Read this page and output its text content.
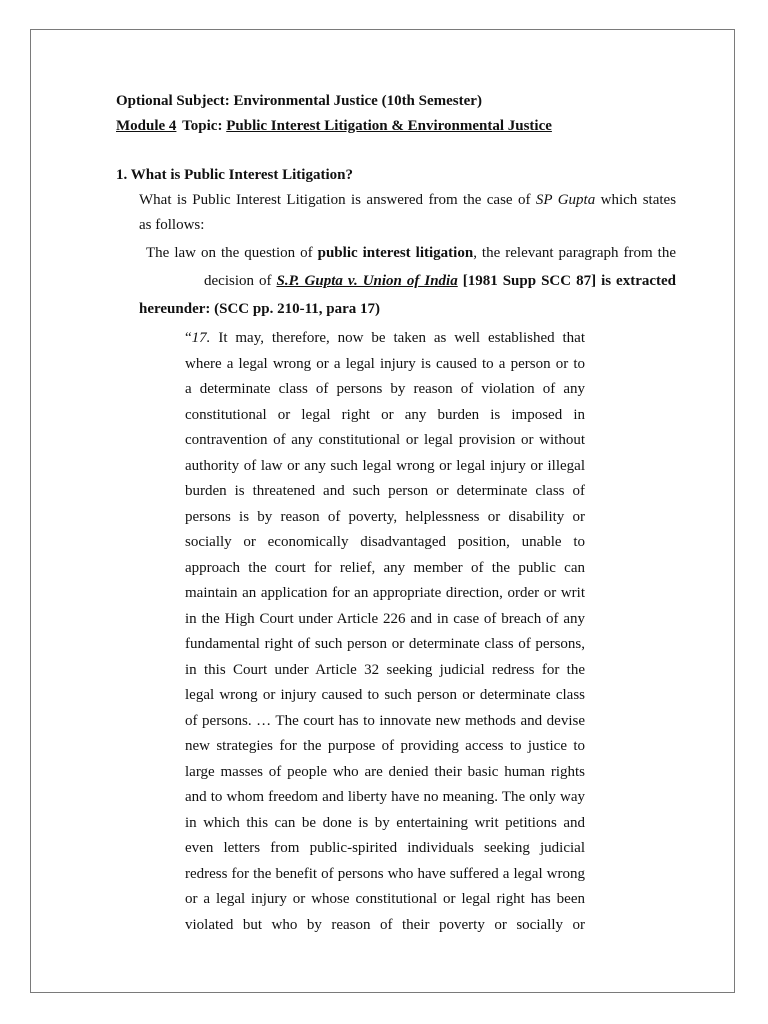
Optional Subject: Environmental Justice (10th Semester)
Module 4 Topic: Public Interest Litigation & Environmental Justice
1. What is Public Interest Litigation?
What is Public Interest Litigation is answered from the case of SP Gupta which states
as follows:
The law on the question of public interest litigation, the relevant paragraph from the
decision of S.P. Gupta v. Union of India [1981 Supp SCC 87] is extracted
hereunder: (SCC pp. 210-11, para 17)
“17. It may, therefore, now be taken as well established that
where a legal wrong or a legal injury is caused to a person or to
a determinate class of persons by reason of violation of any
constitutional or legal right or any burden is imposed in
contravention of any constitutional or legal provision or without
authority of law or any such legal wrong or legal injury or illegal
burden is threatened and such person or determinate class of
persons is by reason of poverty, helplessness or disability or
socially or economically disadvantaged position, unable to
approach the court for relief, any member of the public can
maintain an application for an appropriate direction, order or writ
in the High Court under Article 226 and in case of breach of any
fundamental right of such person or determinate class of persons,
in this Court under Article 32 seeking judicial redress for the
legal wrong or injury caused to such person or determinate class
of persons. … The court has to innovate new methods and devise
new strategies for the purpose of providing access to justice to
large masses of people who are denied their basic human rights
and to whom freedom and liberty have no meaning. The only way
in which this can be done is by entertaining writ petitions and
even letters from public-spirited individuals seeking judicial
redress for the benefit of persons who have suffered a legal wrong
or a legal injury or whose constitutional or legal right has been
violated but who by reason of their poverty or socially or
